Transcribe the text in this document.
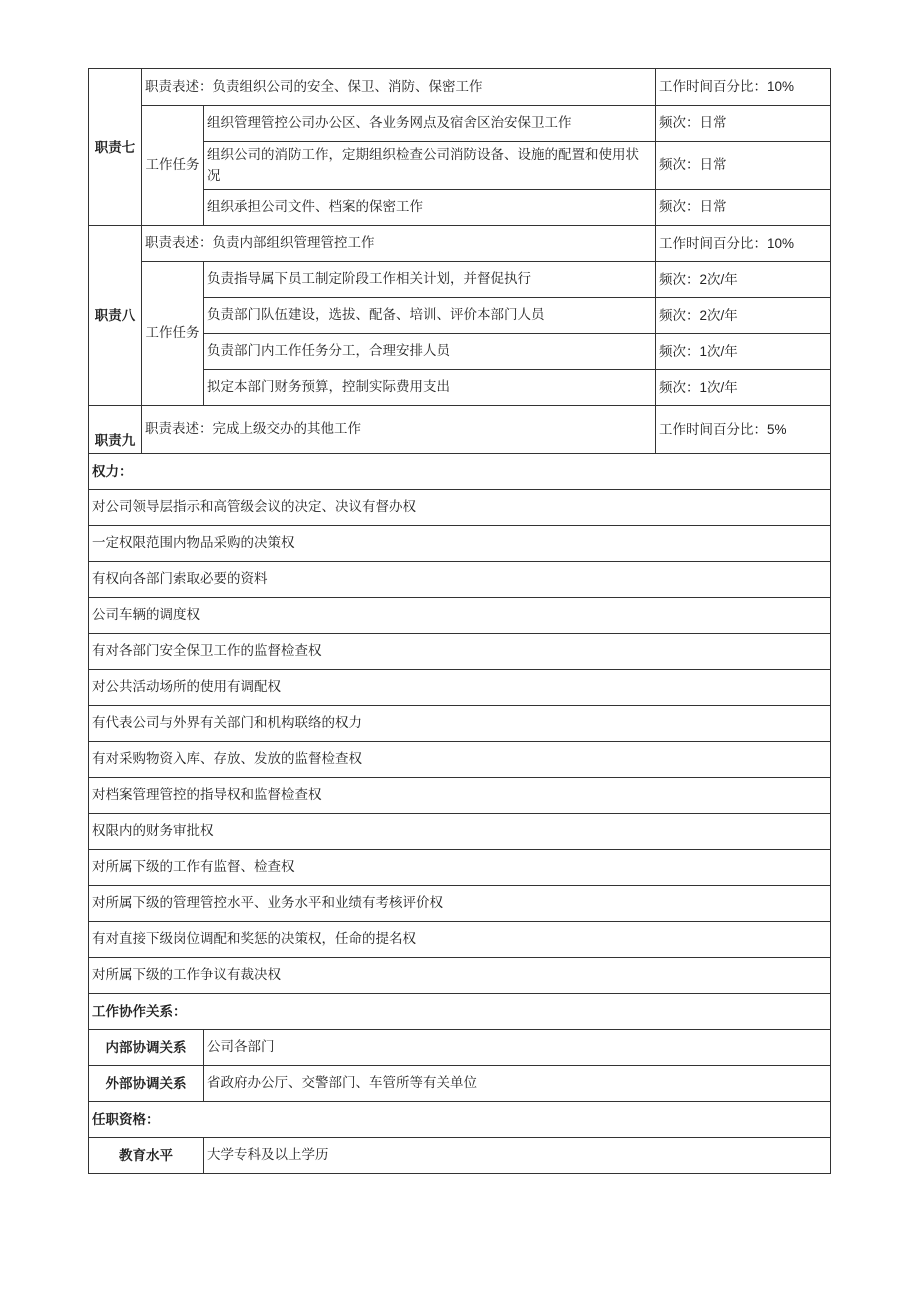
职责七	职责表述：负责组织公司的安全、保卫、消防、保密工作		工作时间百分比：10%
	工作任务	组织管理管控公司办公区、各业务网点及宿舍区治安保卫工作	频次：日常
		组织公司的消防工作，定期组织检查公司消防设备、设施的配置和使用状况	频次：日常
		组织承担公司文件、档案的保密工作	频次：日常
职责八	职责表述：负责内部组织管理管控工作		工作时间百分比：10%
	工作任务	负责指导属下员工制定阶段工作相关计划，并督促执行	频次：2次/年
		负责部门队伍建设，选拔、配备、培训、评价本部门人员	频次：2次/年
		负责部门内工作任务分工，合理安排人员	频次：1次/年
		拟定本部门财务预算，控制实际费用支出	频次：1次/年
职责九	职责表述：完成上级交办的其他工作		工作时间百分比：5%
权力：			
对公司领导层指示和高管级会议的决定、决议有督办权			
一定权限范围内物品采购的决策权			
有权向各部门索取必要的资料			
公司车辆的调度权			
有对各部门安全保卫工作的监督检查权			
对公共活动场所的使用有调配权			
有代表公司与外界有关部门和机构联络的权力			
有对采购物资入库、存放、发放的监督检查权			
对档案管理管控的指导权和监督检查权			
权限内的财务审批权			
对所属下级的工作有监督、检查权			
对所属下级的管理管控水平、业务水平和业绩有考核评价权			
有对直接下级岗位调配和奖惩的决策权，任命的提名权			
对所属下级的工作争议有裁决权			
工作协作关系：			
内部协调关系		公司各部门	
外部协调关系		省政府办公厅、交警部门、车管所等有关单位	
任职资格：			
教育水平		大学专科及以上学历	
